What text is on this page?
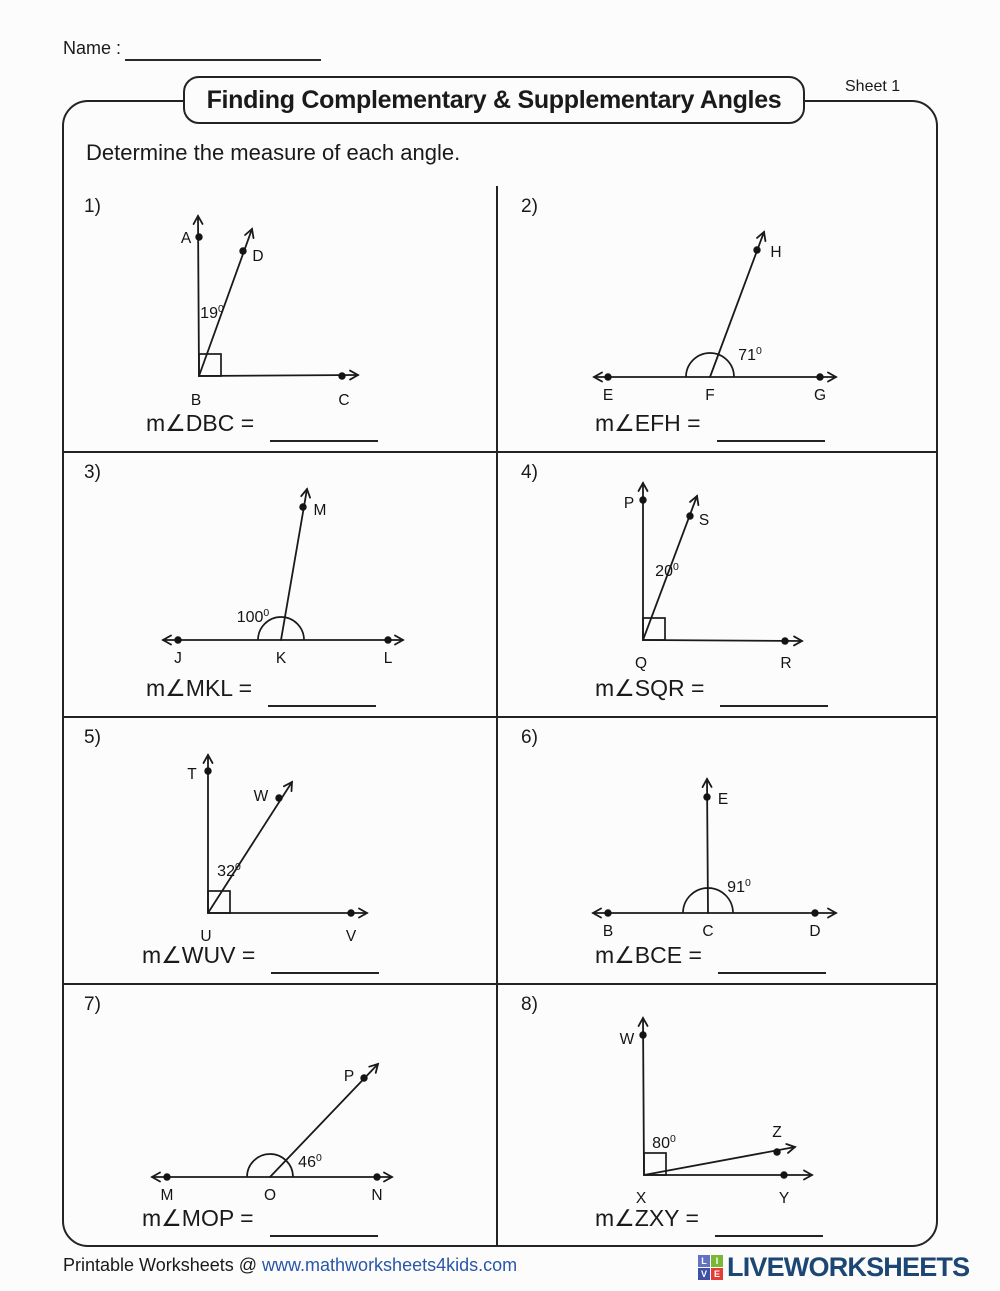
Name :
Sheet 1
Finding Complementary & Supplementary Angles
Determine the measure of each angle.
1)
A
D
B	C
$19^0$
m∠DBC =
2)
E	F	G
H
$71^0$
m∠EFH =
3)
J	K	L
M
$100^0$
m∠MKL =
4)
P
S
Q	R
$20^0$
m∠SQR =
5)
T
W
U	V
$32^0$
m∠WUV =
6)
B	C	D
E
$91^0$
m∠BCE =
7)
M	O	N
P
$46^0$
m∠MOP =
8)
W
Z
X	Y
$80^0$
m∠ZXY =
Printable Worksheets @ www.mathworksheets4kids.com	L I
V E LIVEWORKSHEETS
